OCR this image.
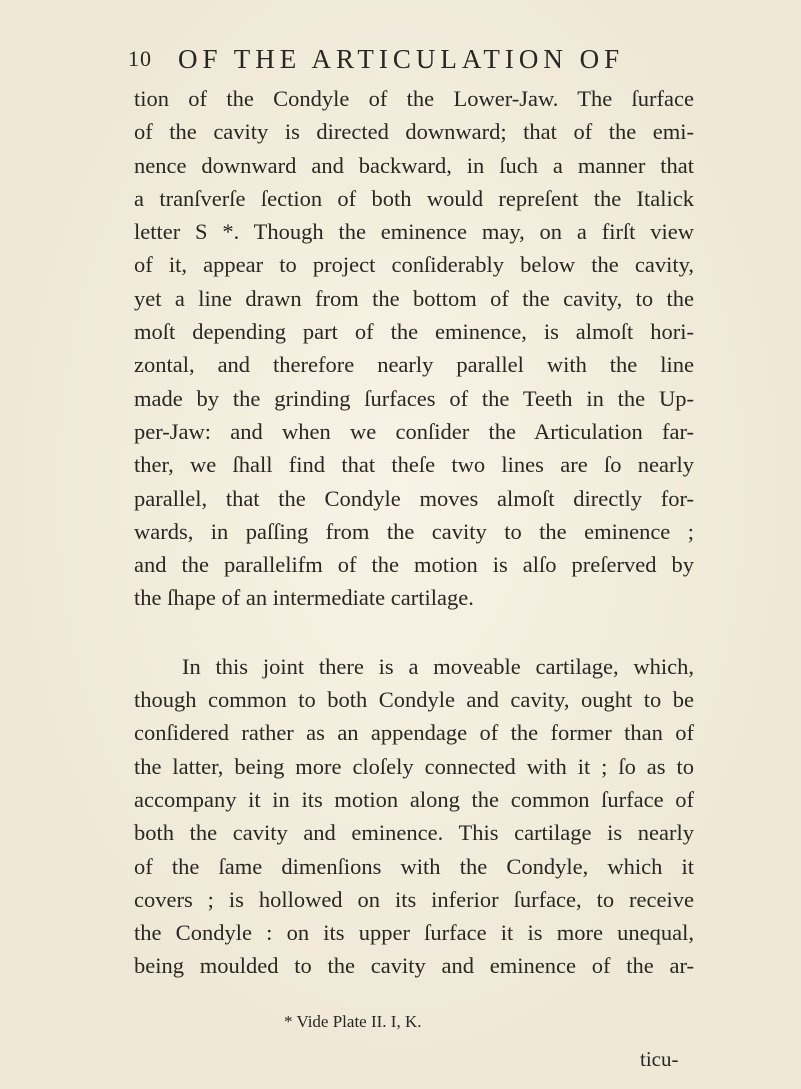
10 OF THE ARTICULATION OF
tion of the Condyle of the Lower-Jaw. The ſurface
of the cavity is directed downward; that of the emi-
nence downward and backward, in ſuch a manner that
a tranſverſe ſection of both would repreſent the Italick
letter S *. Though the eminence may, on a firſt view
of it, appear to project conſiderably below the cavity,
yet a line drawn from the bottom of the cavity, to the
moſt depending part of the eminence, is almoſt hori-
zontal, and therefore nearly parallel with the line
made by the grinding ſurfaces of the Teeth in the Up-
per-Jaw: and when we conſider the Articulation far-
ther, we ſhall find that theſe two lines are ſo nearly
parallel, that the Condyle moves almoſt directly for-
wards, in paſſing from the cavity to the eminence ;
and the parallelifm of the motion is alſo preſerved by
the ſhape of an intermediate cartilage.
In this joint there is a moveable cartilage, which,
though common to both Condyle and cavity, ought to be
conſidered rather as an appendage of the former than of
the latter, being more cloſely connected with it ; ſo as to
accompany it in its motion along the common ſurface of
both the cavity and eminence. This cartilage is nearly
of the ſame dimenſions with the Condyle, which it
covers ; is hollowed on its inferior ſurface, to receive
the Condyle : on its upper ſurface it is more unequal,
being moulded to the cavity and eminence of the ar-
* Vide Plate II. I, K.
ticu-
